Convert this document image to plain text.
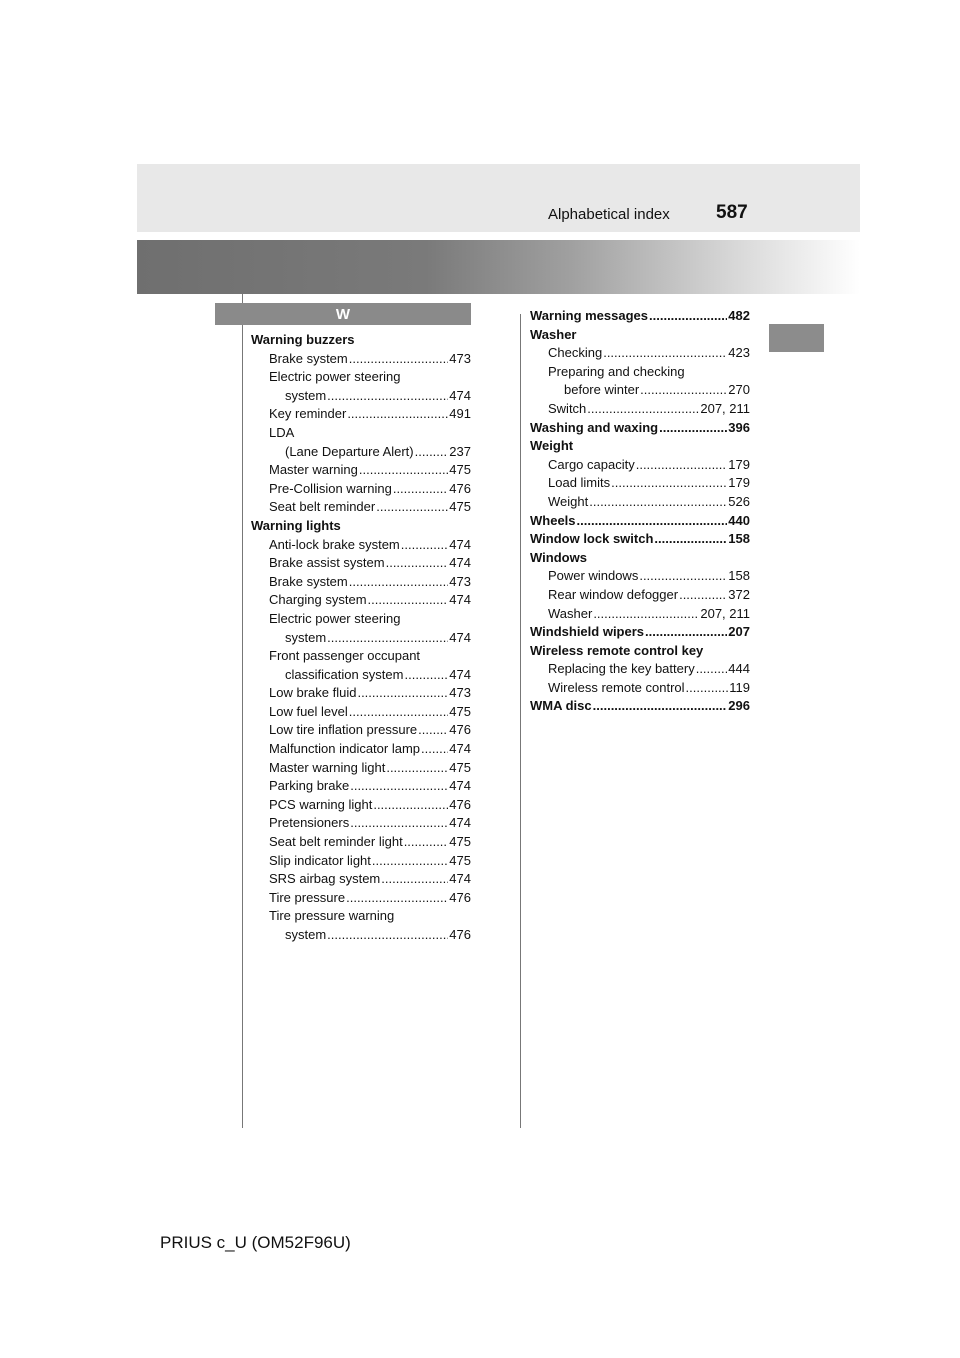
Alphabetical index 587
W
Warning buzzers
Brake system .....	473
Electric power steering
system .....	474
Key reminder .....	491
LDA
(Lane Departure Alert) .....	237
Master warning .....	475
Pre-Collision warning .....	476
Seat belt reminder .....	475
Warning lights
Anti-lock brake system .....	474
Brake assist system .....	474
Brake system .....	473
Charging system .....	474
Electric power steering
system .....	474
Front passenger occupant
classification system .....	474
Low brake fluid .....	473
Low fuel level .....	475
Low tire inflation pressure ..... 476
Malfunction indicator lamp ..... 474
Master warning light .....	475
Parking brake .....	474
PCS warning light .....	476
Pretensioners .....	474
Seat belt reminder light .....	475
Slip indicator light .....	475
SRS airbag system .....	474
Tire pressure .....	476
Tire pressure warning
system .....	476
Warning messages .....	482
Washer
Checking .....	423
Preparing and checking
before winter .....	270
Switch .....	207, 211
Washing and waxing .....	396
Weight
Cargo capacity .....	179
Load limits .....	179
Weight .....	526
Wheels .....	440
Window lock switch .....	158
Windows
Power windows .....	158
Rear window defogger .....	372
Washer .....	207, 211
Windshield wipers .....	207
Wireless remote control key
Replacing the key battery .....	444
Wireless remote control .....	119
WMA disc .....	296
PRIUS c_U (OM52F96U)
